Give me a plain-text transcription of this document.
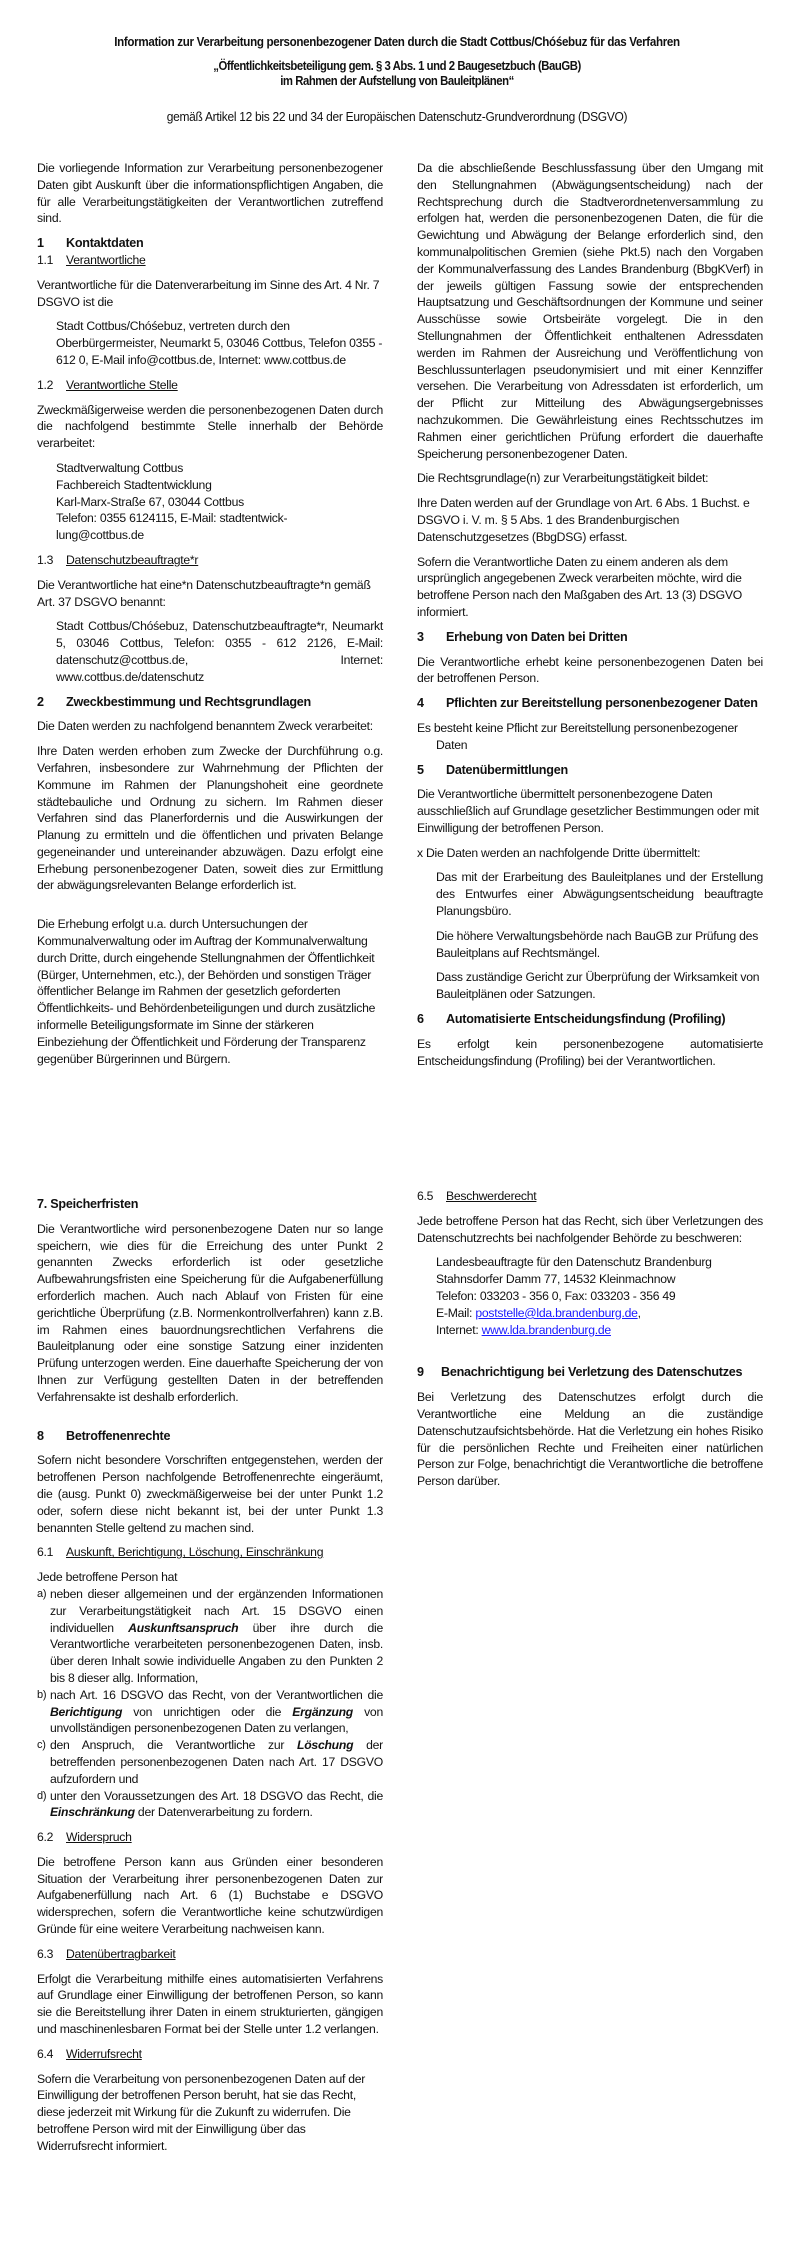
Information zur Verarbeitung personenbezogener Daten durch die Stadt Cottbus/Chóśebuz für das Verfahren
„Öffentlichkeitsbeteiligung gem. § 3 Abs. 1 und 2 Baugesetzbuch (BauGB)
im Rahmen der Aufstellung von Bauleitplänen“
gemäß Artikel 12 bis 22 und 34 der Europäischen Datenschutz-Grundverordnung (DSGVO)

Die vorliegende Information zur Verarbeitung personenbezogener Daten gibt Auskunft über die informationspflichtigen Angaben, die für alle Verarbeitungstätigkeiten der Verantwortlichen zutreffend sind.

1	Kontaktdaten
1.1	Verantwortliche

Verantwortliche für die Datenverarbeitung im Sinne des Art. 4 Nr. 7 DSGVO ist die

Stadt Cottbus/Chóśebuz, vertreten durch den Oberbürgermeister, Neumarkt 5, 03046 Cottbus, Telefon 0355 - 612 0, E-Mail info@cottbus.de, Internet: www.cottbus.de

1.2	Verantwortliche Stelle

Zweckmäßigerweise werden die personenbezogenen Daten durch die nachfolgend bestimmte Stelle innerhalb der Behörde verarbeitet:

Stadtverwaltung Cottbus
Fachbereich Stadtentwicklung
Karl-Marx-Straße 67, 03044 Cottbus
Telefon: 0355 6124115, E-Mail: stadtentwick-
lung@cottbus.de
1.3	Datenschutzbeauftragte*r

Die Verantwortliche hat eine*n Datenschutzbeauftragte*n gemäß Art. 37 DSGVO benannt:

Stadt Cottbus/Chóśebuz, Datenschutzbeauftragte*r, Neumarkt 5, 03046 Cottbus, Telefon: 0355 - 612 2126, E-Mail: datenschutz@cottbus.de, Internet: www.cottbus.de/datenschutz

2	Zweckbestimmung und Rechtsgrundlagen

Die Daten werden zu nachfolgend benanntem Zweck verarbeitet:

Ihre Daten werden erhoben zum Zwecke der Durchführung o.g. Verfahren, insbesondere zur Wahrnehmung der Pflichten der Kommune im Rahmen der Planungshoheit eine geordnete städtebauliche und Ordnung zu sichern. Im Rahmen dieser Verfahren sind das Planerfordernis und die Auswirkungen der Planung zu ermitteln und die öffentlichen und privaten Belange gegeneinander und untereinander abzuwägen. Dazu erfolgt eine Erhebung personenbezogener Daten, soweit dies zur Ermittlung der abwägungsrelevanten Belange erforderlich ist.

Die Erhebung erfolgt u.a. durch Untersuchungen der Kommunalverwaltung oder im Auftrag der Kommunalverwaltung durch Dritte, durch eingehende Stellungnahmen der Öffentlichkeit (Bürger, Unternehmen, etc.), der Behörden und sonstigen Träger öffentlicher Belange im Rahmen der gesetzlich geforderten Öffentlichkeits- und Behördenbeteiligungen und durch zusätzliche informelle Beteiligungsformate im Sinne der stärkeren Einbeziehung der Öffentlichkeit und Förderung der Transparenz gegenüber Bürgerinnen und Bürgern.

Da die abschließende Beschlussfassung über den Umgang mit den Stellungnahmen (Abwägungsentscheidung) nach der Rechtsprechung durch die Stadtverordnetenversammlung zu erfolgen hat, werden die personenbezogenen Daten, die für die Gewichtung und Abwägung der Belange erforderlich sind, den kommunalpolitischen Gremien (siehe Pkt.5) nach den Vorgaben der Kommunalverfassung des Landes Brandenburg (BbgKVerf) in der jeweils gültigen Fassung sowie der entsprechenden Hauptsatzung und Geschäftsordnungen der Kommune und seiner Ausschüsse sowie Ortsbeiräte vorgelegt. Die in den Stellungnahmen der Öffentlichkeit enthaltenen Adressdaten werden im Rahmen der Ausreichung und Veröffentlichung von Beschlussunterlagen pseudonymisiert und mit einer Kennziffer versehen. Die Verarbeitung von Adressdaten ist erforderlich, um der Pflicht zur Mitteilung des Abwägungsergebnisses nachzukommen. Die Gewährleistung eines Rechtsschutzes im Rahmen einer gerichtlichen Prüfung erfordert die dauerhafte Speicherung personenbezogener Daten.

Die Rechtsgrundlage(n) zur Verarbeitungstätigkeit bildet:

Ihre Daten werden auf der Grundlage von Art. 6 Abs. 1 Buchst. e DSGVO i. V. m. § 5 Abs. 1 des Brandenburgischen Datenschutzgesetzes (BbgDSG) erfasst.

Sofern die Verantwortliche Daten zu einem anderen als dem ursprünglich angegebenen Zweck verarbeiten möchte, wird die betroffene Person nach den Maßgaben des Art. 13 (3) DSGVO informiert.

3	Erhebung von Daten bei Dritten

Die Verantwortliche erhebt keine personenbezogenen Daten bei der betroffenen Person.

4	Pflichten zur Bereitstellung personenbezogener Daten

Es besteht keine Pflicht zur Bereitstellung personenbezogener Daten

5	Datenübermittlungen

Die Verantwortliche übermittelt personenbezogene Daten ausschließlich auf Grundlage gesetzlicher Bestimmungen oder mit Einwilligung der betroffenen Person.

x Die Daten werden an nachfolgende Dritte übermittelt:

Das mit der Erarbeitung des Bauleitplanes und der Erstellung des Entwurfes einer Abwägungsentscheidung beauftragte Planungsbüro.

Die höhere Verwaltungsbehörde nach BauGB zur Prüfung des Bauleitplans auf Rechtsmängel.

Dass zuständige Gericht zur Überprüfung der Wirksamkeit von Bauleitplänen oder Satzungen.

6	Automatisierte Entscheidungsfindung (Profiling)

Es erfolgt kein personenbezogene automatisierte Entscheidungsfindung (Profiling) bei der Verantwortlichen.

7. Speicherfristen

Die Verantwortliche wird personenbezogene Daten nur so lange speichern, wie dies für die Erreichung des unter Punkt 2 genannten Zwecks erforderlich ist oder gesetzliche Aufbewahrungsfristen eine Speicherung für die Aufgabenerfüllung erforderlich machen. Auch nach Ablauf von Fristen für eine gerichtliche Überprüfung (z.B. Normenkontrollverfahren) kann z.B. im Rahmen eines bauordnungsrechtlichen Verfahrens die Bauleitplanung oder eine sonstige Satzung einer inzidenten Prüfung unterzogen werden. Eine dauerhafte Speicherung der von Ihnen zur Verfügung gestellten Daten in der betreffenden Verfahrensakte ist deshalb erforderlich.

8	Betroffenenrechte

Sofern nicht besondere Vorschriften entgegenstehen, werden der betroffenen Person nachfolgende Betroffenenrechte eingeräumt, die (ausg. Punkt 0) zweckmäßigerweise bei der unter Punkt 1.2 oder, sofern diese nicht bekannt ist, bei der unter Punkt 1.3 benannten Stelle geltend zu machen sind.

6.1	Auskunft, Berichtigung, Löschung, Einschränkung

Jede betroffene Person hat

a) neben dieser allgemeinen und der ergänzenden Informationen zur Verarbeitungstätigkeit nach Art. 15 DSGVO einen individuellen Auskunftsanspruch über ihre durch die Verantwortliche verarbeiteten personenbezogenen Daten, insb. über deren Inhalt sowie individuelle Angaben zu den Punkten 2 bis 8 dieser allg. Information,
b) nach Art. 16 DSGVO das Recht, von der Verantwortlichen die Berichtigung von unrichtigen oder die Ergänzung von unvollständigen personenbezogenen Daten zu verlangen,
c) den Anspruch, die Verantwortliche zur Löschung der betreffenden personenbezogenen Daten nach Art. 17 DSGVO aufzufordern und
d) unter den Voraussetzungen des Art. 18 DSGVO das Recht, die Einschränkung der Datenverarbeitung zu fordern.
6.2	Widerspruch

Die betroffene Person kann aus Gründen einer besonderen Situation der Verarbeitung ihrer personenbezogenen Daten zur Aufgabenerfüllung nach Art. 6 (1) Buchstabe e DSGVO widersprechen, sofern die Verantwortliche keine schutzwürdigen Gründe für eine weitere Verarbeitung nachweisen kann.

6.3	Datenübertragbarkeit

Erfolgt die Verarbeitung mithilfe eines automatisierten Verfahrens auf Grundlage einer Einwilligung der betroffenen Person, so kann sie die Bereitstellung ihrer Daten in einem strukturierten, gängigen und maschinenlesbaren Format bei der Stelle unter 1.2 verlangen.

6.4	Widerrufsrecht

Sofern die Verarbeitung von personenbezogenen Daten auf der Einwilligung der betroffenen Person beruht, hat sie das Recht, diese jederzeit mit Wirkung für die Zukunft zu widerrufen. Die betroffene Person wird mit der Einwilligung über das Widerrufsrecht informiert.

6.5	Beschwerderecht

Jede betroffene Person hat das Recht, sich über Verletzungen des Datenschutzrechts bei nachfolgender Behörde zu beschweren:

Landesbeauftragte für den Datenschutz Brandenburg
Stahnsdorfer Damm 77, 14532 Kleinmachnow
Telefon: 033203 - 356 0, Fax: 033203 - 356 49
E-Mail: poststelle@lda.brandenburg.de,
Internet: www.lda.brandenburg.de
9	Benachrichtigung bei Verletzung des Datenschutzes

Bei Verletzung des Datenschutzes erfolgt durch die Verantwortliche eine Meldung an die zuständige Datenschutzaufsichtsbehörde. Hat die Verletzung ein hohes Risiko für die persönlichen Rechte und Freiheiten einer natürlichen Person zur Folge, benachrichtigt die Verantwortliche die betroffene Person darüber.
